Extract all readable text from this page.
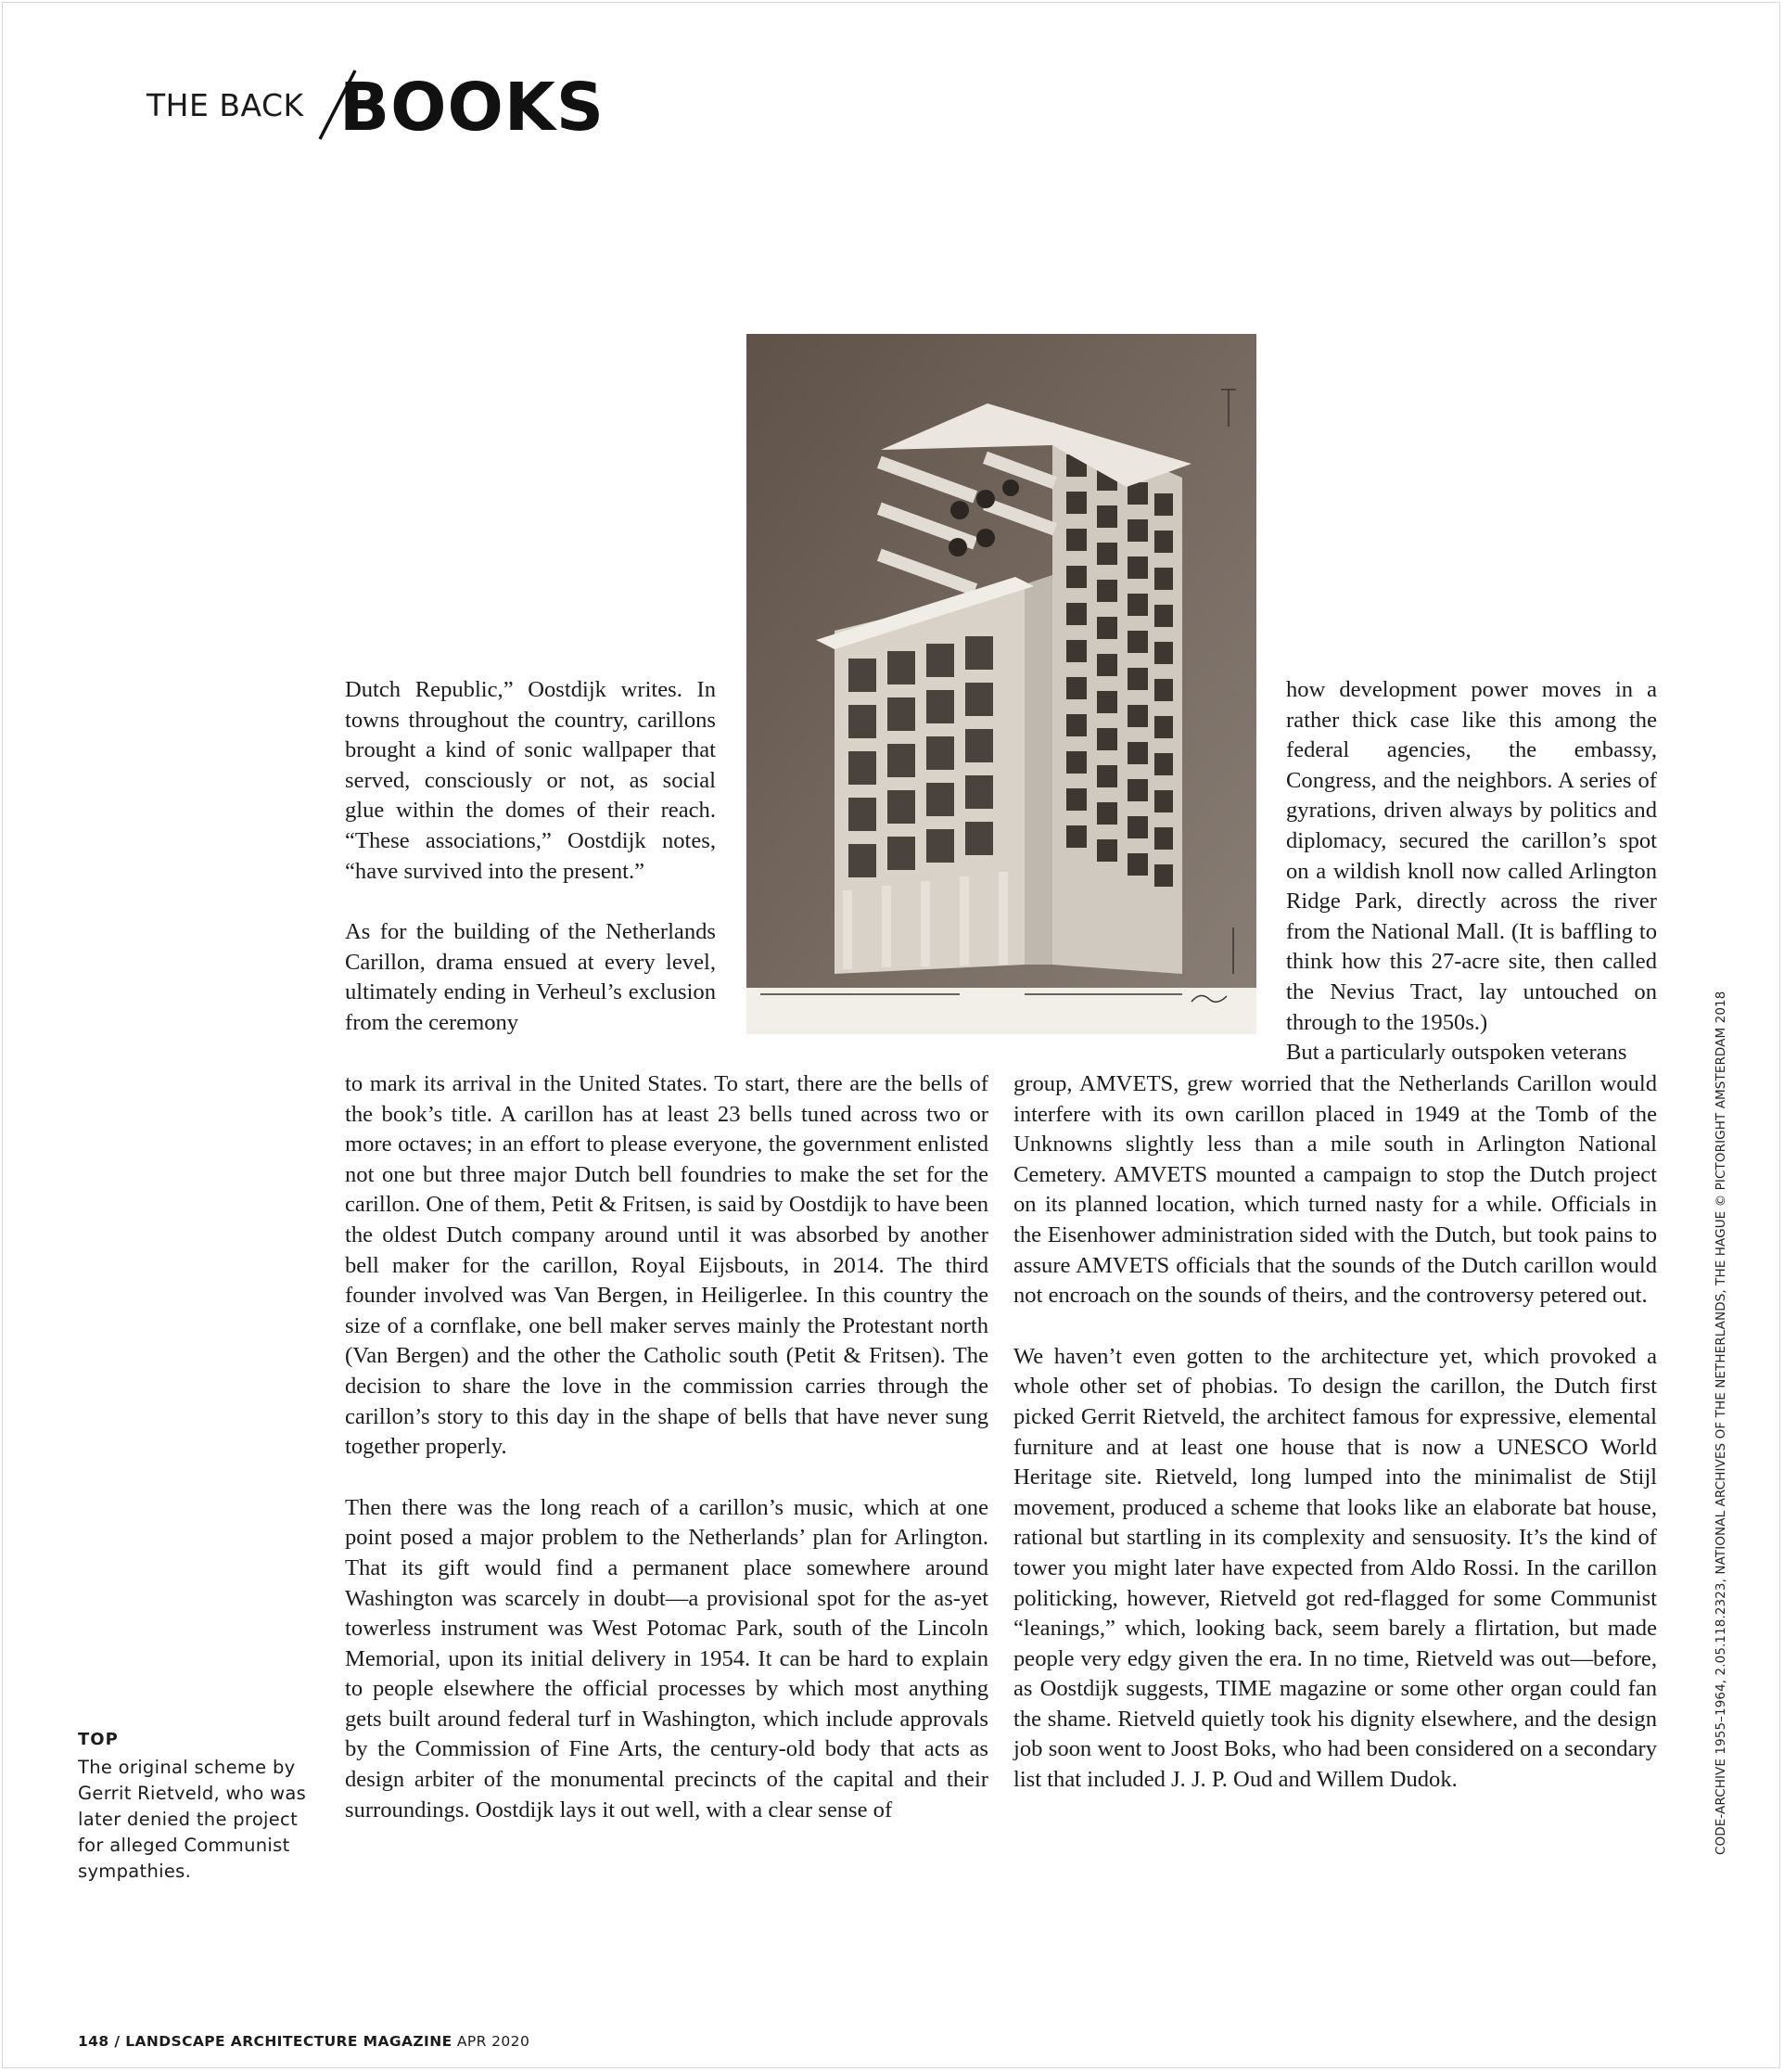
THE BACK BOOKS

Dutch Republic,” Oostdijk writes. In towns throughout the country, carillons brought a kind of sonic wallpaper that served, consciously or not, as social glue within the domes of their reach. “These associations,” Oostdijk notes, “have survived into the present.”

As for the building of the Netherlands Carillon, drama ensued at every level, ultimately ending in Verheul’s exclusion from the ceremony

to mark its arrival in the United States. To start, there are the bells of the book’s title. A carillon has at least 23 bells tuned across two or more octaves; in an effort to please everyone, the government enlisted not one but three major Dutch bell foundries to make the set for the carillon. One of them, Petit & Fritsen, is said by Oostdijk to have been the oldest Dutch company around until it was absorbed by another bell maker for the carillon, Royal Eijsbouts, in 2014. The third founder involved was Van Bergen, in Heiligerlee. In this country the size of a cornflake, one bell maker serves mainly the Protestant north (Van Bergen) and the other the Catholic south (Petit & Fritsen). The decision to share the love in the commission carries through the carillon’s story to this day in the shape of bells that have never sung together properly.

Then there was the long reach of a carillon’s music, which at one point posed a major problem to the Netherlands’ plan for Arlington. That its gift would find a permanent place somewhere around Washington was scarcely in doubt—a provisional spot for the as-yet towerless instrument was West Potomac Park, south of the Lincoln Memorial, upon its initial delivery in 1954. It can be hard to explain to people elsewhere the official processes by which most anything gets built around federal turf in Washington, which include approvals by the Commission of Fine Arts, the century-old body that acts as design arbiter of the monumental precincts of the capital and their surroundings. Oostdijk lays it out well, with a clear sense of

how development power moves in a rather thick case like this among the federal agencies, the embassy, Congress, and the neighbors. A series of gyrations, driven always by politics and diplomacy, secured the carillon’s spot on a wildish knoll now called Arlington Ridge Park, directly across the river from the National Mall. (It is baffling to think how this 27-acre site, then called the Nevius Tract, lay untouched on through to the 1950s.)

But a particularly outspoken veterans

group, AMVETS, grew worried that the Netherlands Carillon would interfere with its own carillon placed in 1949 at the Tomb of the Unknowns slightly less than a mile south in Arlington National Cemetery. AMVETS mounted a campaign to stop the Dutch project on its planned location, which turned nasty for a while. Officials in the Eisenhower administration sided with the Dutch, but took pains to assure AMVETS officials that the sounds of the Dutch carillon would not encroach on the sounds of theirs, and the controversy petered out.

We haven’t even gotten to the architecture yet, which provoked a whole other set of phobias. To design the carillon, the Dutch first picked Gerrit Rietveld, the architect famous for expressive, elemental furniture and at least one house that is now a UNESCO World Heritage site. Rietveld, long lumped into the minimalist de Stijl movement, produced a scheme that looks like an elaborate bat house, rational but startling in its complexity and sensuosity. It’s the kind of tower you might later have expected from Aldo Rossi. In the carillon politicking, however, Rietveld got red-flagged for some Communist “leanings,” which, looking back, seem barely a flirtation, but made people very edgy given the era. In no time, Rietveld was out—before, as Oostdijk suggests, TIME magazine or some other organ could fan the shame. Rietveld quietly took his dignity elsewhere, and the design job soon went to Joost Boks, who had been considered on a secondary list that included J. J. P. Oud and Willem Dudok.

TOP
The original scheme by Gerrit Rietveld, who was later denied the project for alleged Communist sympathies.
CODE-ARCHIVE 1955–1964, 2.05.118.2323, NATIONAL ARCHIVES OF THE NETHERLANDS, THE HAGUE © PICTORIGHT AMSTERDAM 2018
148 / LANDSCAPE ARCHITECTURE MAGAZINE APR 2020
